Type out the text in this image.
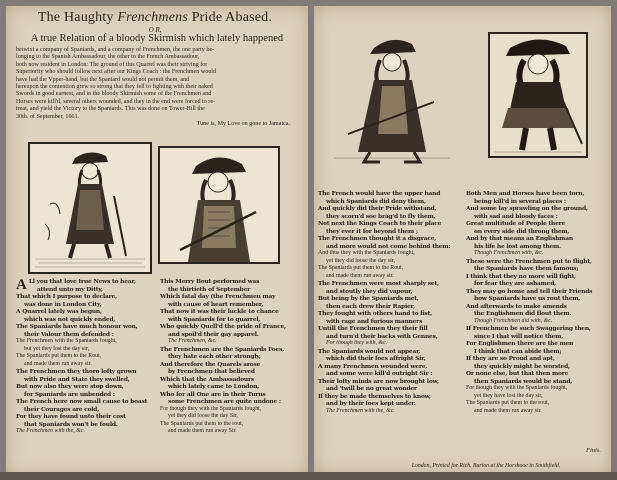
The Haughty Frenchmens Pride Abased.
O R,
A true Relation of a bloody Skirmish which lately happened
betwixt a company of Spaniards, and a company of Frenchmen, the one party be-
longing to the Spanish Ambassadour, the other to the French Ambassadour,
both now resident in London: The ground of this Quarrel was their striving for
Superiority who should follow next after our Kings Coach : the Frenchmen would
have had the Vpper-hand, but the Spaniard would not permit them, and
hereupon the contention grew so strong that they fell to fighting with their naked
Swords in good earnest, and in the bloody Skirmish some of the Frenchmen and
Horses were kill'd, several others wounded, and they in the end were forced to re-
treat, and yield the Victory to the Spaniards. This was done on Tower-Hill the
30th. of September, 1661.
Tune is, My Love on gone to Jamaica.
A Ll you that love true News to hear,
attend unto my Ditty,
That which I purpose to declare,
was done in London City,
A Quarrel lately was begun,
which was not quickly ended,
The Spaniards have much honour won,
their Valour them defended :
The Frenchmen with the Spaniards fought,
but yet they lost the day sir,
The Spaniards put them to the Rout,
and made them run away sir.
The Frenchmen they thoro lofty grown
with Pride and State they swelled,
But now also they were stop down,
for Spaniards are unbended :
The French here now small cause to boast
their Courages are cold,
For they have found unto their cost
that Spaniards won't be fould.
The Frenchmen with the, &c.
This Merry Bout performed was
the thirtieth of September
Which fatal day (the Frenchmen may
with cause of heart remember,
That now it was their luckle to chance
with Spaniards for to quarrel,
Who quickly Quell'd the pride of France,
and spoil'd their gay apparel.
The Frenchmen, &c.
The Frenchmen are the Spaniards Foes,
they hate each other strongly,
And therefore the Quarels arose
by Frenchmen that believed
Which that the Ambassadours
which lately came to London,
Who for all One are in their Turns
some Frenchmen are quite undone :
For though they with the Spaniards fought,
yet they did loose the day Sir,
The Spaniards put them to the rout,
and made them run away Sir.
The French would have the upper hand
which Spaniards did deny them,
And quickly did their Pride withstand,
they scorn'd soe brag'd to fly them,
Not next the Kings Coach to their place
they ever it for beyond them ;
The Frenchmen thought it a disgrace,
and more would not come behind them:
And thus they with the Spaniards fought,
yet they did loose the day sir,
The Spaniards put them to the Rout,
and made them run away sir.
The Frenchmen were most sharply set,
and stoutly they did vapour,
But being by the Spaniards met,
then each drew their Rapier,
They fought with others hand to fist,
with rage and furious manners
Untill the Frenchmen they their fill
and turn'd their backs with Gennes,
For though they with, &c.
The Spaniards would not appear,
which did their foes affright Sir,
A many Frenchmen wounded were,
and some were kill'd outright Sir :
Their lofty minds are now brought low,
and 'twill be no great wonder
If they be made themselves to know,
and by their foes kept under.
The Frenchmen with the, &c.
Both Men and Horses have been torn,
being kill'd in several places :
And some lay sprawling on the ground,
with sad and bloody faces :
Great multitude of People there
on every side did throng them,
And by that means an Englishman
his life he lost among them.
Though Frenchmen with, &c.
These were the Frenchmen put to flight,
the Spaniards have them famous;
I think that they no more will fight,
for fear they are ashamed,
They may go home and tell their Friends
how Spaniards have us rout them,
And afterwards to make amends
the Englishmen did flout them.
Though Frenchmen did with, &c.
If Frenchmen be such Swaggering then,
since I that will notice them,
For Englishmen there are the men
I think that can abide them;
If they are so Proud and apt,
they quickly might be worsted,
Or none else, but that then more
then Spaniards would be stand,
For though they with the Spaniards fought,
yet they have lost the day sir,
The Spaniards put them to the rout,
and made them run away sir.
Finis.
London, Printed for Rich. Burton at the Horshooe in Smithfield.
